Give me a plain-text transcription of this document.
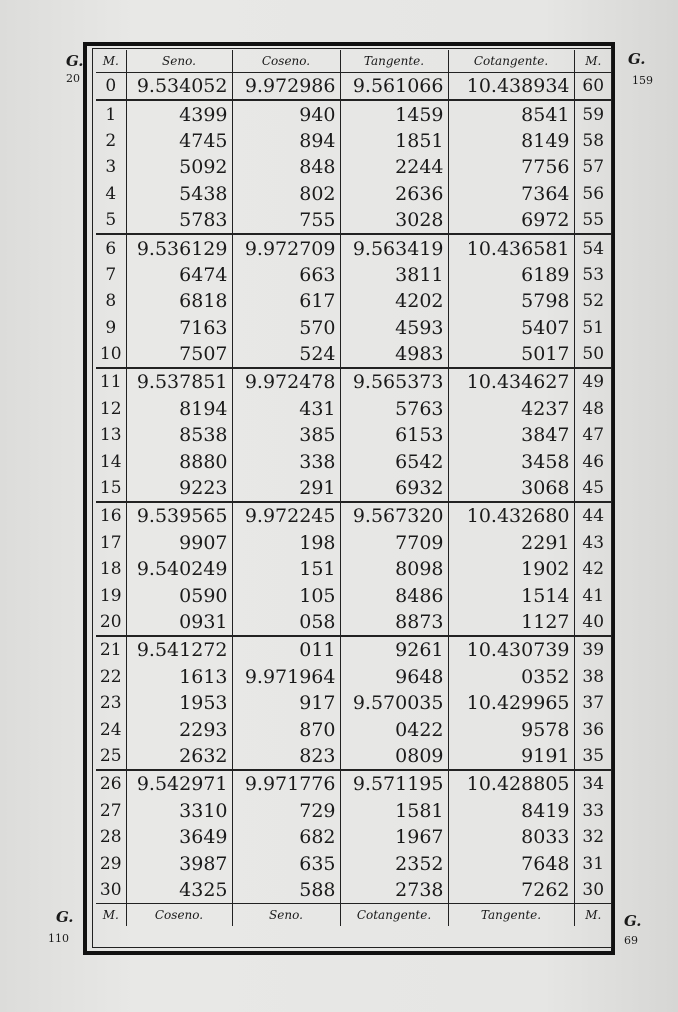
G.
20
G.
159
G.
110
G.
69
M.	Seno.	Coseno.	Tangente.	Cotangente.	M.
0	9.534052	9.972986	9.561066	10.438934	60
1	4399	940	1459	8541	59
2	4745	894	1851	8149	58
3	5092	848	2244	7756	57
4	5438	802	2636	7364	56
5	5783	755	3028	6972	55
6	9.536129	9.972709	9.563419	10.436581	54
7	6474	663	3811	6189	53
8	6818	617	4202	5798	52
9	7163	570	4593	5407	51
10	7507	524	4983	5017	50
11	9.537851	9.972478	9.565373	10.434627	49
12	8194	431	5763	4237	48
13	8538	385	6153	3847	47
14	8880	338	6542	3458	46
15	9223	291	6932	3068	45
16	9.539565	9.972245	9.567320	10.432680	44
17	9907	198	7709	2291	43
18	9.540249	151	8098	1902	42
19	0590	105	8486	1514	41
20	0931	058	8873	1127	40
21	9.541272	011	9261	10.430739	39
22	1613	9.971964	9648	0352	38
23	1953	917	9.570035	10.429965	37
24	2293	870	0422	9578	36
25	2632	823	0809	9191	35
26	9.542971	9.971776	9.571195	10.428805	34
27	3310	729	1581	8419	33
28	3649	682	1967	8033	32
29	3987	635	2352	7648	31
30	4325	588	2738	7262	30
M.	Coseno.	Seno.	Cotangente.	Tangente.	M.
